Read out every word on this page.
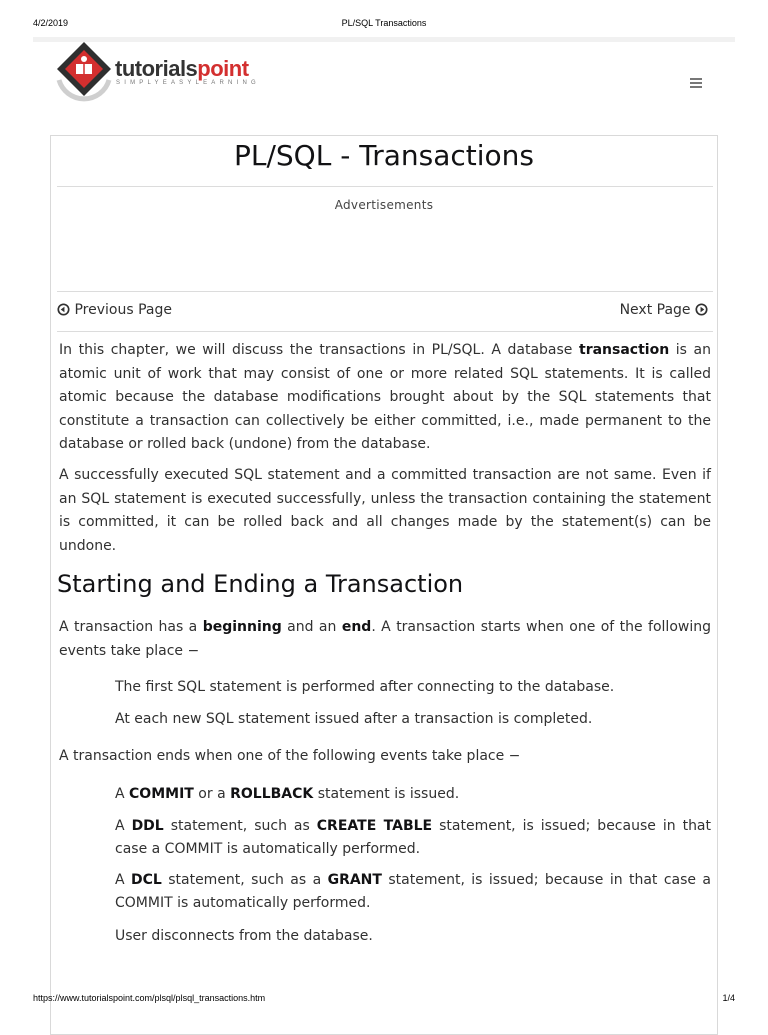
4/2/2019	PL/SQL Transactions
tutorialspoint
SIMPLYEASYLEARNING
PL/SQL - Transactions
Advertisements
Previous Page	Next Page

In this chapter, we will discuss the transactions in PL/SQL. A database transaction is an atomic unit of work that may consist of one or more related SQL statements. It is called atomic because the database modifications brought about by the SQL statements that constitute a transaction can collectively be either committed, i.e., made permanent to the database or rolled back (undone) from the database.

A successfully executed SQL statement and a committed transaction are not same. Even if an SQL statement is executed successfully, unless the transaction containing the statement is committed, it can be rolled back and all changes made by the statement(s) can be undone.

Starting and Ending a Transaction

A transaction has a beginning and an end. A transaction starts when one of the following events take place −

The first SQL statement is performed after connecting to the database.

At each new SQL statement issued after a transaction is completed.

A transaction ends when one of the following events take place −

A COMMIT or a ROLLBACK statement is issued.

A DDL statement, such as CREATE TABLE statement, is issued; because in that case a COMMIT is automatically performed.

A DCL statement, such as a GRANT statement, is issued; because in that case a COMMIT is automatically performed.

User disconnects from the database.

https://www.tutorialspoint.com/plsql/plsql_transactions.htm	1/4
